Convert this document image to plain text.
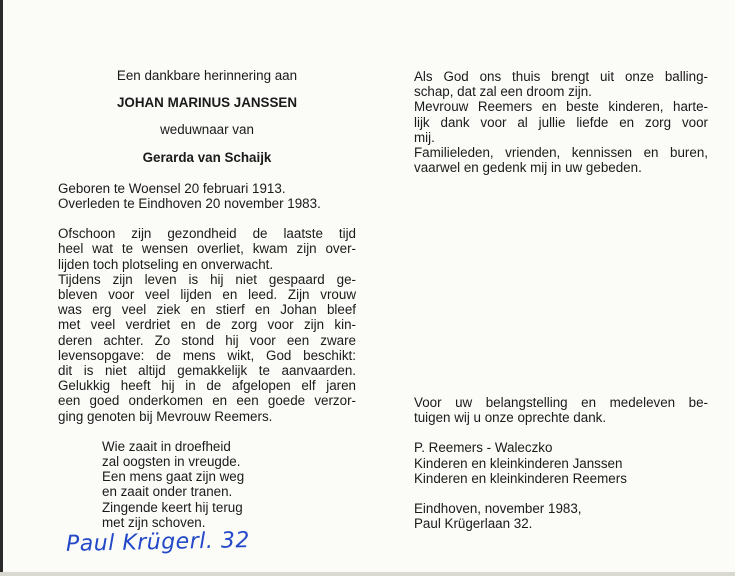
Een dankbare herinnering aan
JOHAN MARINUS JANSSEN
weduwnaar van
Gerarda van Schaijk
Geboren te Woensel 20 februari 1913.
Overleden te Eindhoven 20 november 1983.
Ofschoon zijn gezondheid de laatste tijd
heel wat te wensen overliet, kwam zijn over-
lijden toch plotseling en onverwacht.
Tijdens zijn leven is hij niet gespaard ge-
bleven voor veel lijden en leed. Zijn vrouw
was erg veel ziek en stierf en Johan bleef
met veel verdriet en de zorg voor zijn kin-
deren achter. Zo stond hij voor een zware
levensopgave: de mens wikt, God beschikt:
dit is niet altijd gemakkelijk te aanvaarden.
Gelukkig heeft hij in de afgelopen elf jaren
een goed onderkomen en een goede verzor-
ging genoten bij Mevrouw Reemers.
Wie zaait in droefheid
zal oogsten in vreugde.
Een mens gaat zijn weg
en zaait onder tranen.
Zingende keert hij terug
met zijn schoven.
Als God ons thuis brengt uit onze balling-
schap, dat zal een droom zijn.
Mevrouw Reemers en beste kinderen, harte-
lijk dank voor al jullie liefde en zorg voor
mij.
Familieleden, vrienden, kennissen en buren,
vaarwel en gedenk mij in uw gebeden.
Voor uw belangstelling en medeleven be-
tuigen wij u onze oprechte dank.
P. Reemers - Waleczko
Kinderen en kleinkinderen Janssen
Kinderen en kleinkinderen Reemers
Eindhoven, november 1983,
Paul Krügerlaan 32.
Paul Krügerl. 32
